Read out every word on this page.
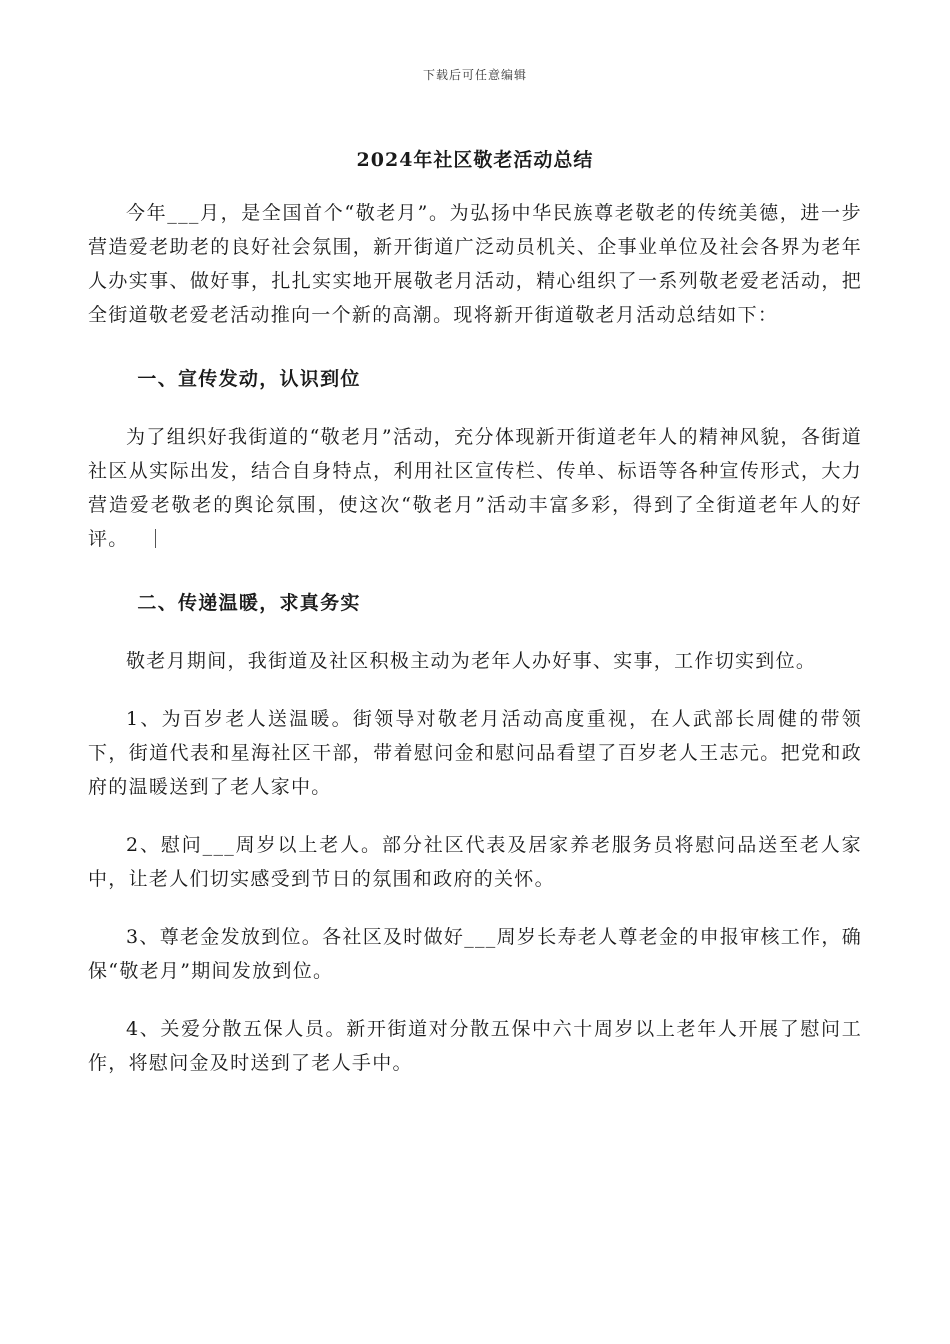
下载后可任意编辑
2024年社区敬老活动总结

今年___月，是全国首个“敬老月”。为弘扬中华民族尊老敬老的传统美德，进一步营造爱老助老的良好社会氛围，新开街道广泛动员机关、企事业单位及社会各界为老年人办实事、做好事，扎扎实实地开展敬老月活动，精心组织了一系列敬老爱老活动，把全街道敬老爱老活动推向一个新的高潮。现将新开街道敬老月活动总结如下：

一、宣传发动，认识到位

为了组织好我街道的“敬老月”活动，充分体现新开街道老年人的精神风貌，各街道社区从实际出发，结合自身特点，利用社区宣传栏、传单、标语等各种宣传形式，大力营造爱老敬老的舆论氛围，使这次“敬老月”活动丰富多彩，得到了全街道老年人的好评。

二、传递温暖，求真务实

敬老月期间，我街道及社区积极主动为老年人办好事、实事，工作切实到位。

1、为百岁老人送温暖。街领导对敬老月活动高度重视，在人武部长周健的带领下，街道代表和星海社区干部，带着慰问金和慰问品看望了百岁老人王志元。把党和政府的温暖送到了老人家中。

2、慰问___周岁以上老人。部分社区代表及居家养老服务员将慰问品送至老人家中，让老人们切实感受到节日的氛围和政府的关怀。

3、尊老金发放到位。各社区及时做好___周岁长寿老人尊老金的申报审核工作，确保“敬老月”期间发放到位。

4、关爱分散五保人员。新开街道对分散五保中六十周岁以上老年人开展了慰问工作，将慰问金及时送到了老人手中。
